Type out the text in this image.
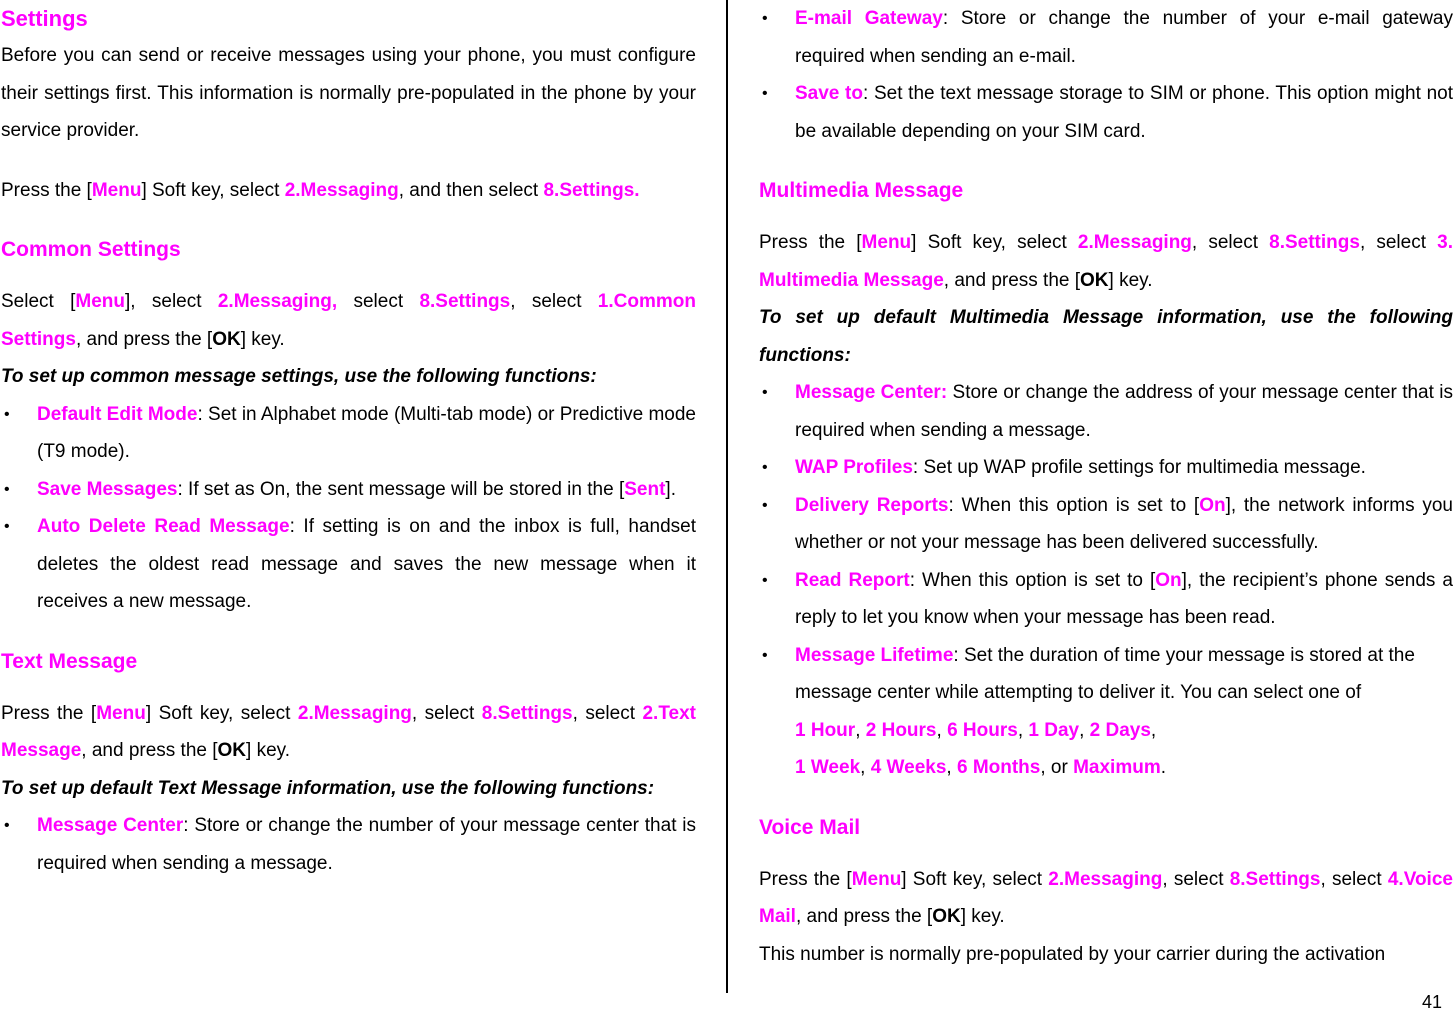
Settings

Before you can send or receive messages using your phone, you must configure their settings first. This information is normally pre-populated in the phone by your service provider.

Press the [Menu] Soft key, select 2.Messaging, and then select 8.Settings.

Common Settings

Select [Menu], select 2.Messaging, select 8.Settings, select 1.Common Settings, and press the [OK] key.

To set up common message settings, use the following functions:

• Default Edit Mode: Set in Alphabet mode (Multi-tab mode) or Predictive mode (T9 mode).

• Save Messages: If set as On, the sent message will be stored in the [Sent].

• Auto Delete Read Message: If setting is on and the inbox is full, handset deletes the oldest read message and saves the new message when it receives a new message.

Text Message

Press the [Menu] Soft key, select 2.Messaging, select 8.Settings, select 2.Text Message, and press the [OK] key.

To set up default Text Message information, use the following functions:

• Message Center: Store or change the number of your message center that is required when sending a message.

• E-mail Gateway: Store or change the number of your e-mail gateway required when sending an e-mail.

• Save to: Set the text message storage to SIM or phone. This option might not be available depending on your SIM card.

Multimedia Message

Press the [Menu] Soft key, select 2.Messaging, select 8.Settings, select 3. Multimedia Message, and press the [OK] key.

To set up default Multimedia Message information, use the following functions:

• Message Center: Store or change the address of your message center that is required when sending a message.

• WAP Profiles: Set up WAP profile settings for multimedia message.

• Delivery Reports: When this option is set to [On], the network informs you whether or not your message has been delivered successfully.

• Read Report: When this option is set to [On], the recipient’s phone sends a reply to let you know when your message has been read.

• Message Lifetime: Set the duration of time your message is stored at the message center while attempting to deliver it. You can select one of
1 Hour, 2 Hours, 6 Hours, 1 Day, 2 Days,
1 Week, 4 Weeks, 6 Months, or Maximum.

Voice Mail

Press the [Menu] Soft key, select 2.Messaging, select 8.Settings, select 4.Voice Mail, and press the [OK] key.

This number is normally pre-populated by your carrier during the activation

41
